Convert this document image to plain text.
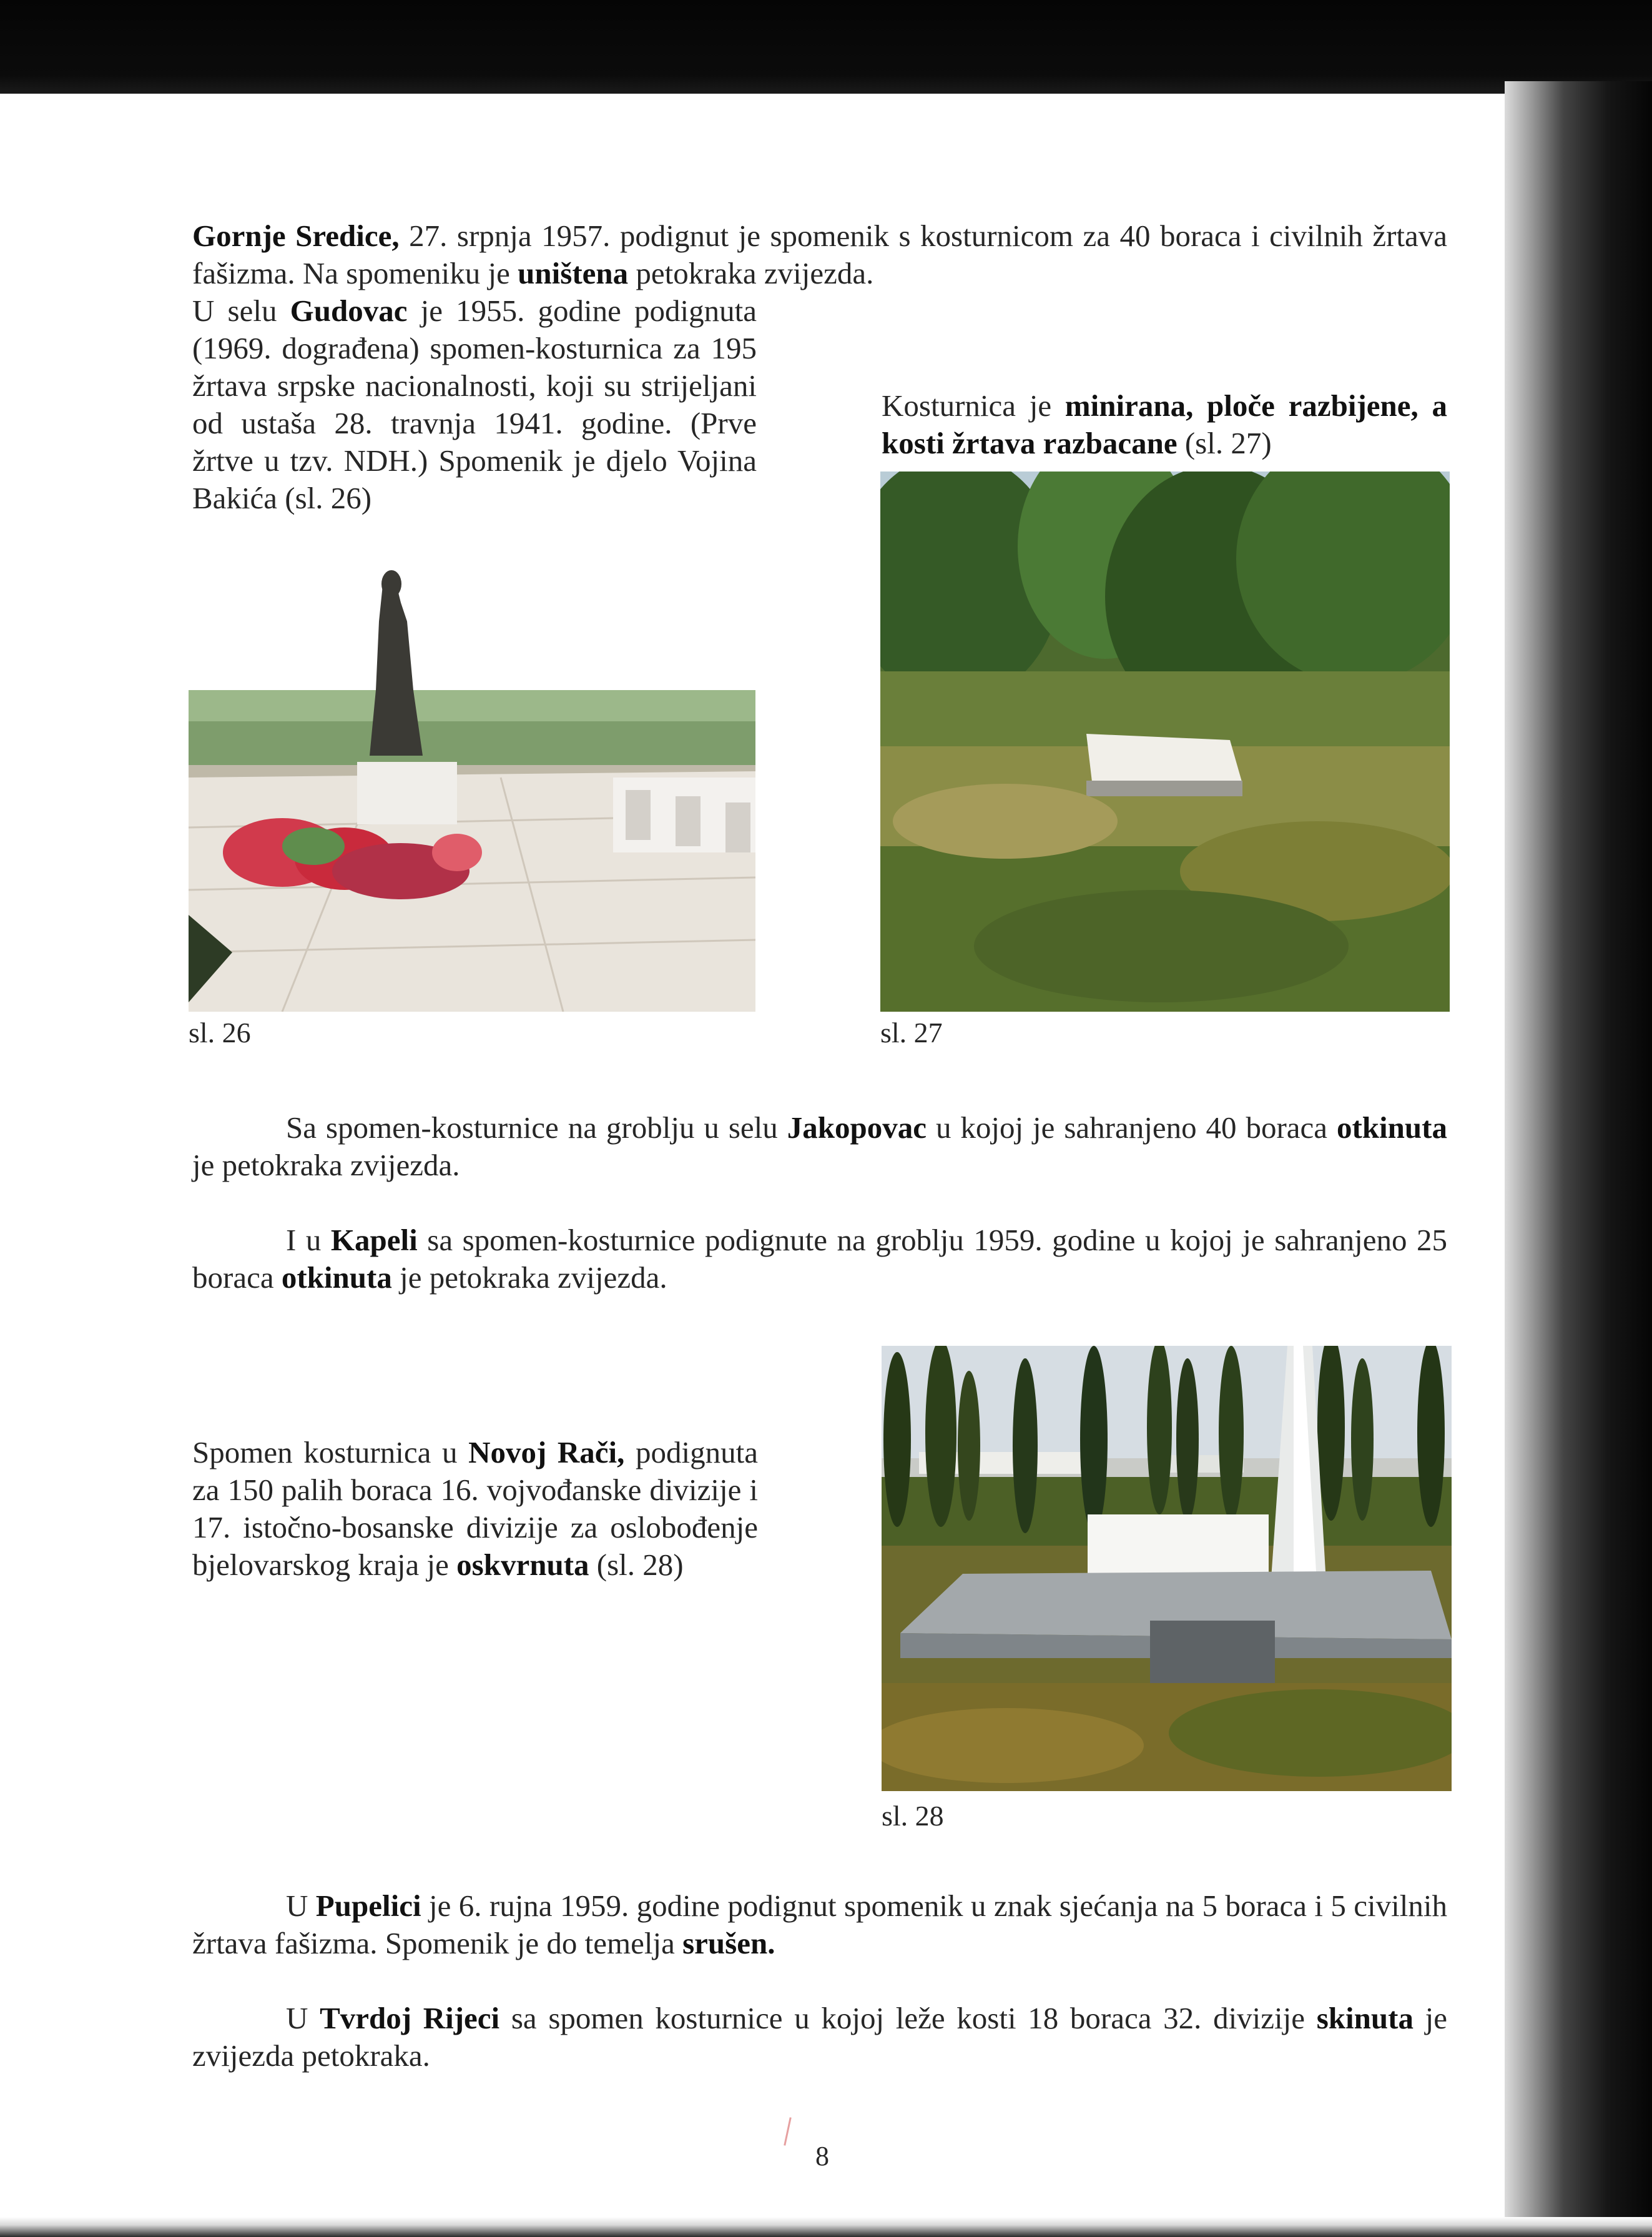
Gornje Sredice, 27. srpnja 1957. podignut je spomenik s kosturnicom za 40 boraca i civilnih žrtava fašizma. Na spomeniku je uništena petokraka zvijezda.

U selu Gudovac je 1955. godine podignuta (1969. dograđena) spomen-kosturnica za 195 žrtava srpske nacionalnosti, koji su strijeljani od ustaša 28. travnja 1941. godine. (Prve žrtve u tzv. NDH.) Spomenik je djelo Vojina Bakića (sl. 26)

Kosturnica je minirana, ploče razbijene, a kosti žrtava razbacane (sl. 27)

sl. 26	sl. 27

Sa spomen-kosturnice na groblju u selu Jakopovac u kojoj je sahranjeno 40 boraca otkinuta je petokraka zvijezda.

I u Kapeli sa spomen-kosturnice podignute na groblju 1959. godine u kojoj je sahranjeno 25 boraca otkinuta je petokraka zvijezda.

Spomen kosturnica u Novoj Rači, podignuta za 150 palih boraca 16. vojvođanske divizije i 17. istočno-bosanske divizije za oslobođenje bjelovarskog kraja je oskvrnuta (sl. 28)

sl. 28

U Pupelici je 6. rujna 1959. godine podignut spomenik u znak sjećanja na 5 boraca i 5 civilnih žrtava fašizma. Spomenik je do temelja srušen.

U Tvrdoj Rijeci sa spomen kosturnice u kojoj leže kosti 18 boraca 32. divizije skinuta je zvijezda petokraka.

8
